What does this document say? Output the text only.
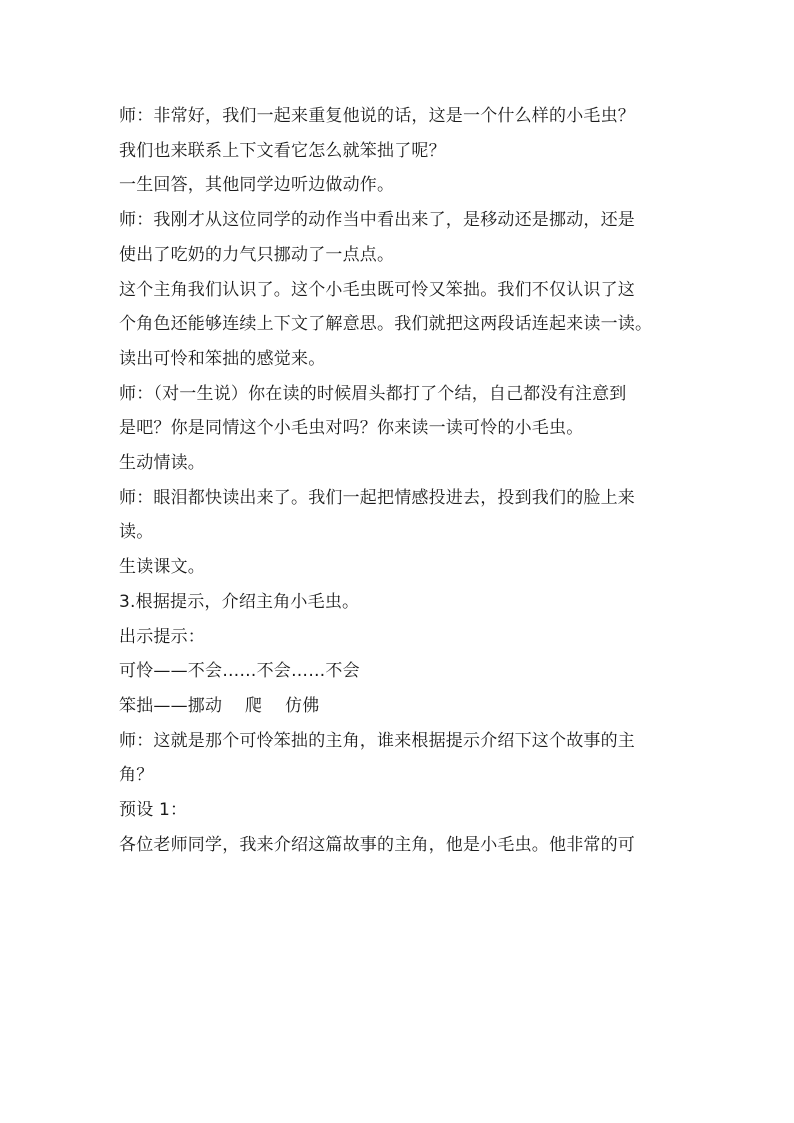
师：非常好，我们一起来重复他说的话，这是一个什么样的小毛虫？
我们也来联系上下文看它怎么就笨拙了呢？
一生回答，其他同学边听边做动作。
师：我刚才从这位同学的动作当中看出来了，是移动还是挪动，还是
使出了吃奶的力气只挪动了一点点。
这个主角我们认识了。这个小毛虫既可怜又笨拙。我们不仅认识了这
个角色还能够连续上下文了解意思。我们就把这两段话连起来读一读。
读出可怜和笨拙的感觉来。
师：（对一生说）你在读的时候眉头都打了个结，自己都没有注意到
是吧？你是同情这个小毛虫对吗？你来读一读可怜的小毛虫。
生动情读。
师：眼泪都快读出来了。我们一起把情感投进去，投到我们的脸上来
读。
生读课文。
3.根据提示，介绍主角小毛虫。
出示提示：
可怜——不会……不会……不会
笨拙——挪动　 爬　 仿佛
师：这就是那个可怜笨拙的主角，谁来根据提示介绍下这个故事的主
角？
预设 1：
各位老师同学，我来介绍这篇故事的主角，他是小毛虫。他非常的可
